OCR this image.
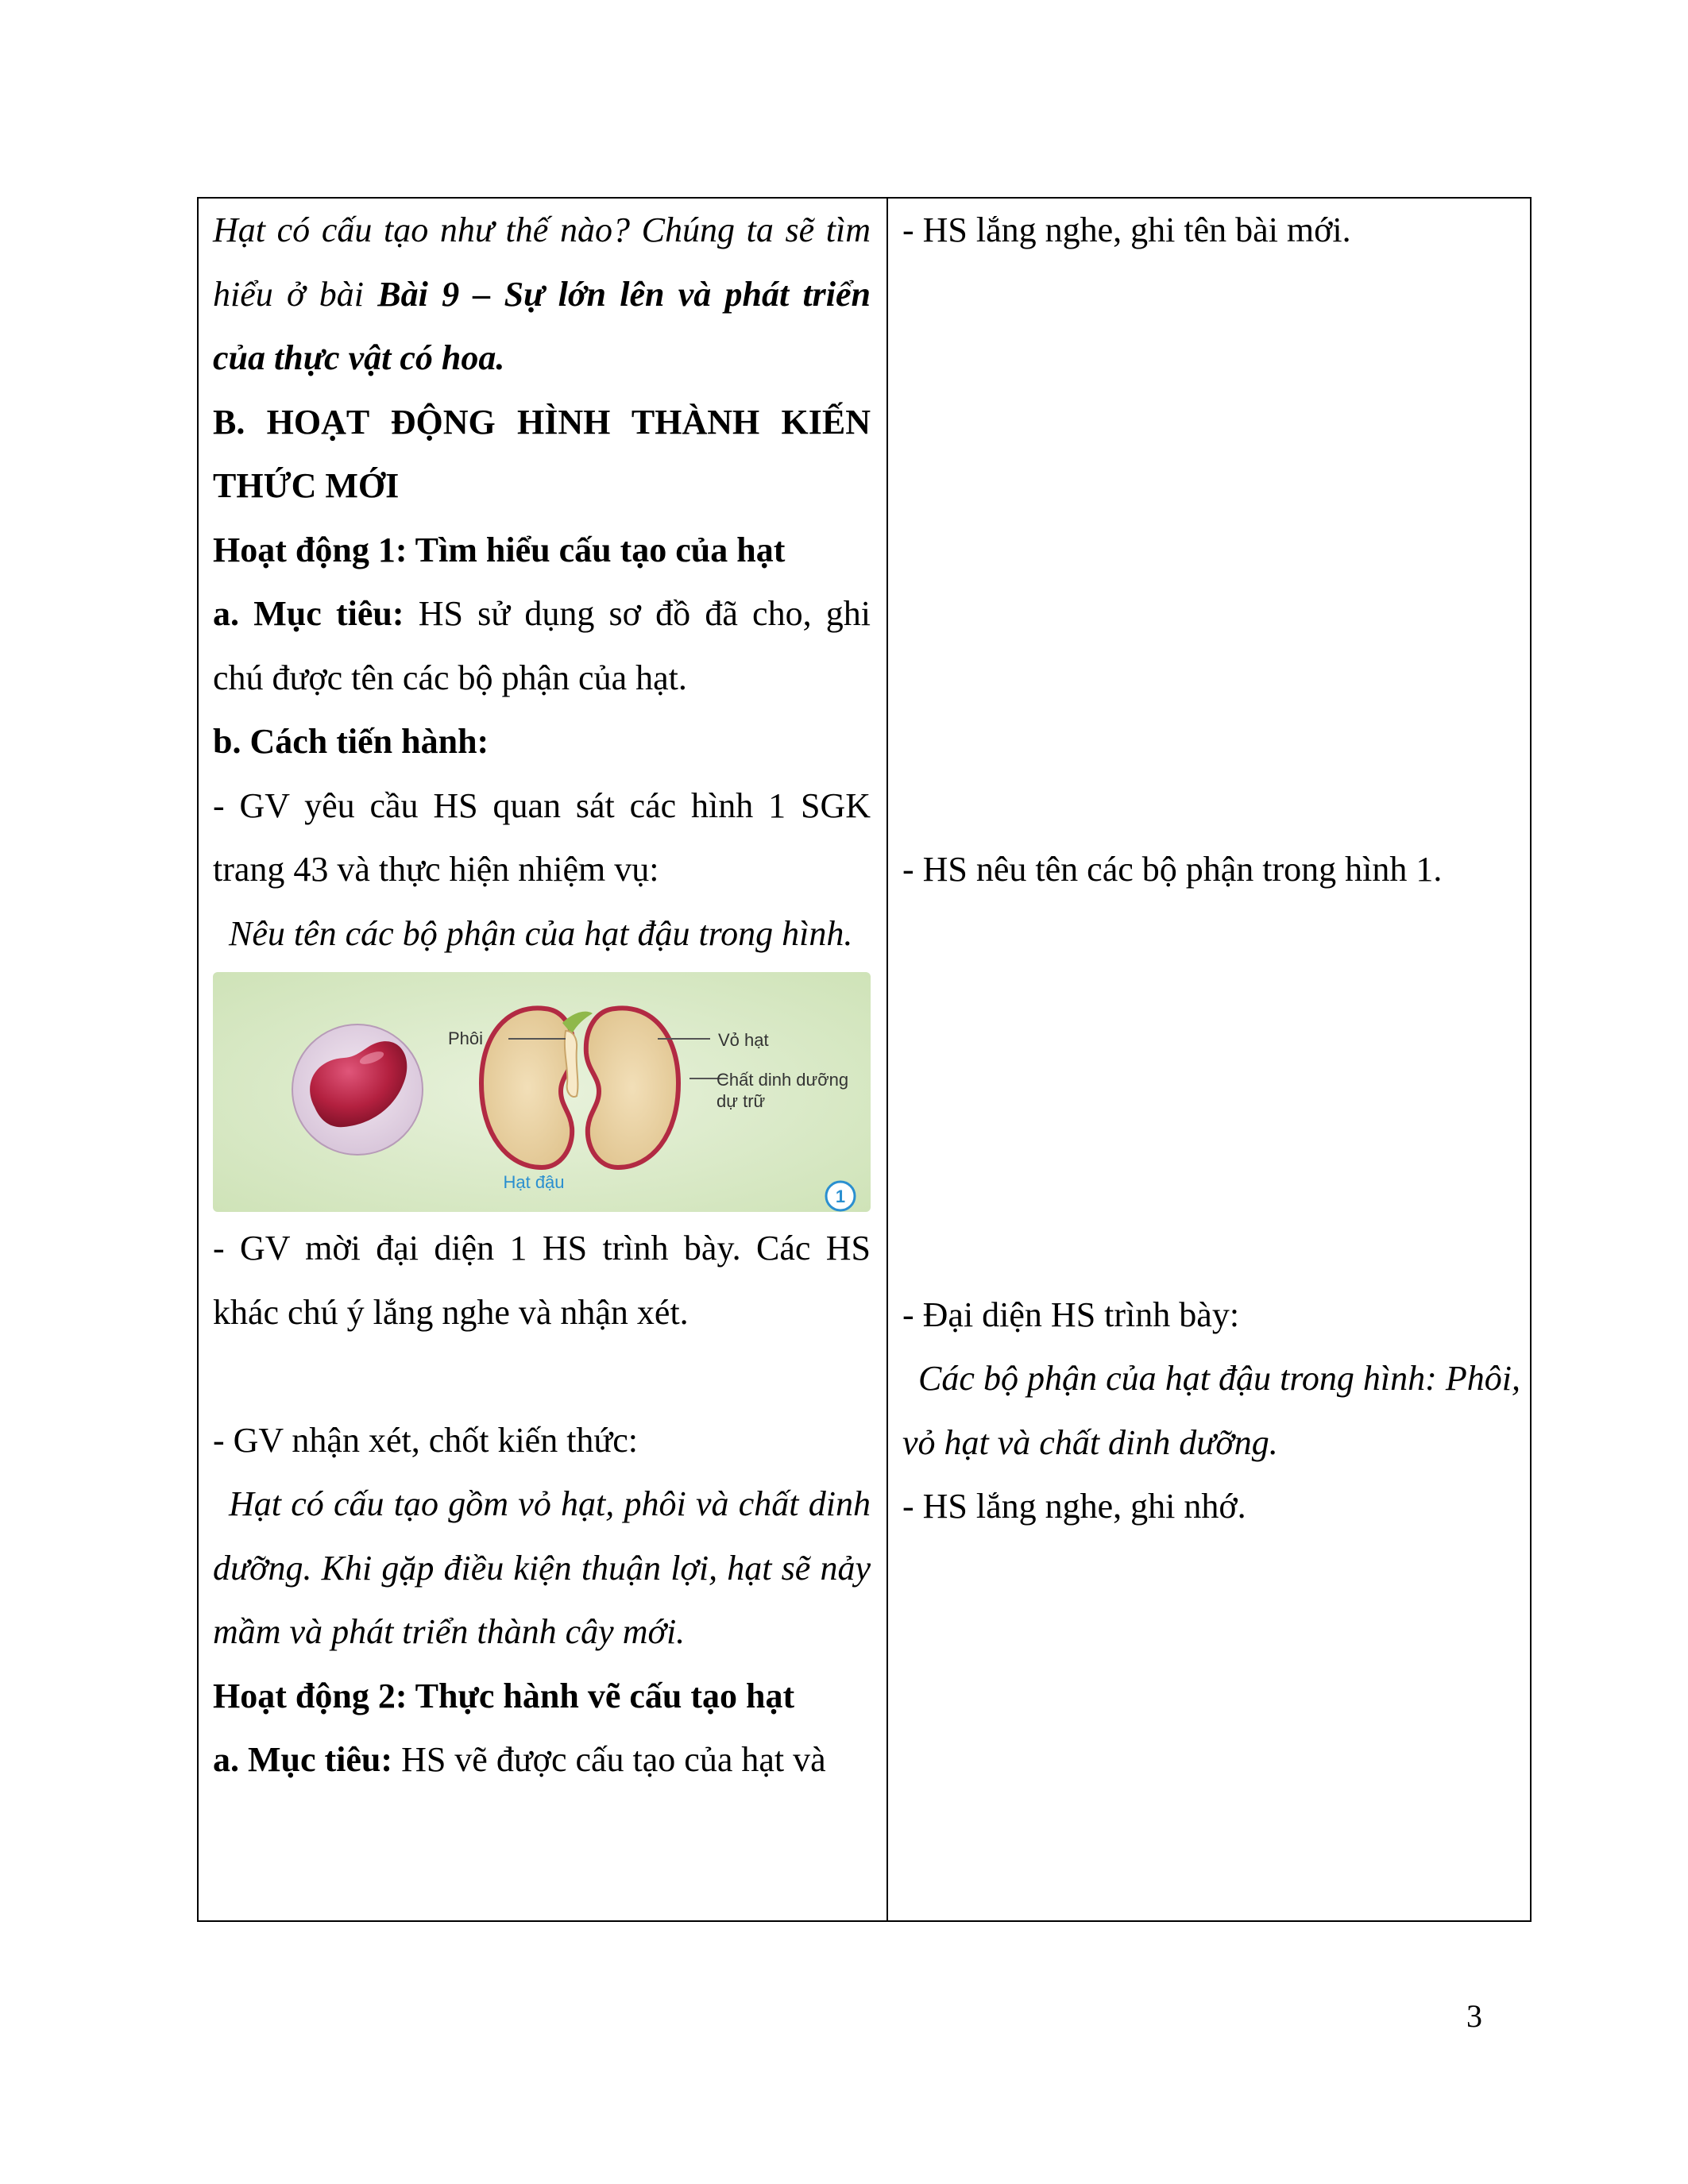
Hạt có cấu tạo như thế nào? Chúng ta sẽ tìm hiểu ở bài Bài 9 – Sự lớn lên và phát triển của thực vật có hoa.

B. HOẠT ĐỘNG HÌNH THÀNH KIẾN THỨC MỚI

Hoạt động 1: Tìm hiểu cấu tạo của hạt

a. Mục tiêu: HS sử dụng sơ đồ đã cho, ghi chú được tên các bộ phận của hạt.

b. Cách tiến hành:

- GV yêu cầu HS quan sát các hình 1 SGK trang 43 và thực hiện nhiệm vụ:

Nêu tên các bộ phận của hạt đậu trong hình.

Phôi	Vỏ hạt
Chất dinh dưỡng
dự trữ
Hạt đậu
1

- GV mời đại diện 1 HS trình bày. Các HS khác chú ý lắng nghe và nhận xét.

- GV nhận xét, chốt kiến thức:

Hạt có cấu tạo gồm vỏ hạt, phôi và chất dinh dưỡng. Khi gặp điều kiện thuận lợi, hạt sẽ nảy mầm và phát triển thành cây mới.

Hoạt động 2: Thực hành vẽ cấu tạo hạt

a. Mục tiêu: HS vẽ được cấu tạo của hạt và

- HS lắng nghe, ghi tên bài mới.

- HS nêu tên các bộ phận trong hình 1.

- Đại diện HS trình bày:

Các bộ phận của hạt đậu trong hình: Phôi, vỏ hạt và chất dinh dưỡng.

- HS lắng nghe, ghi nhớ.

3
